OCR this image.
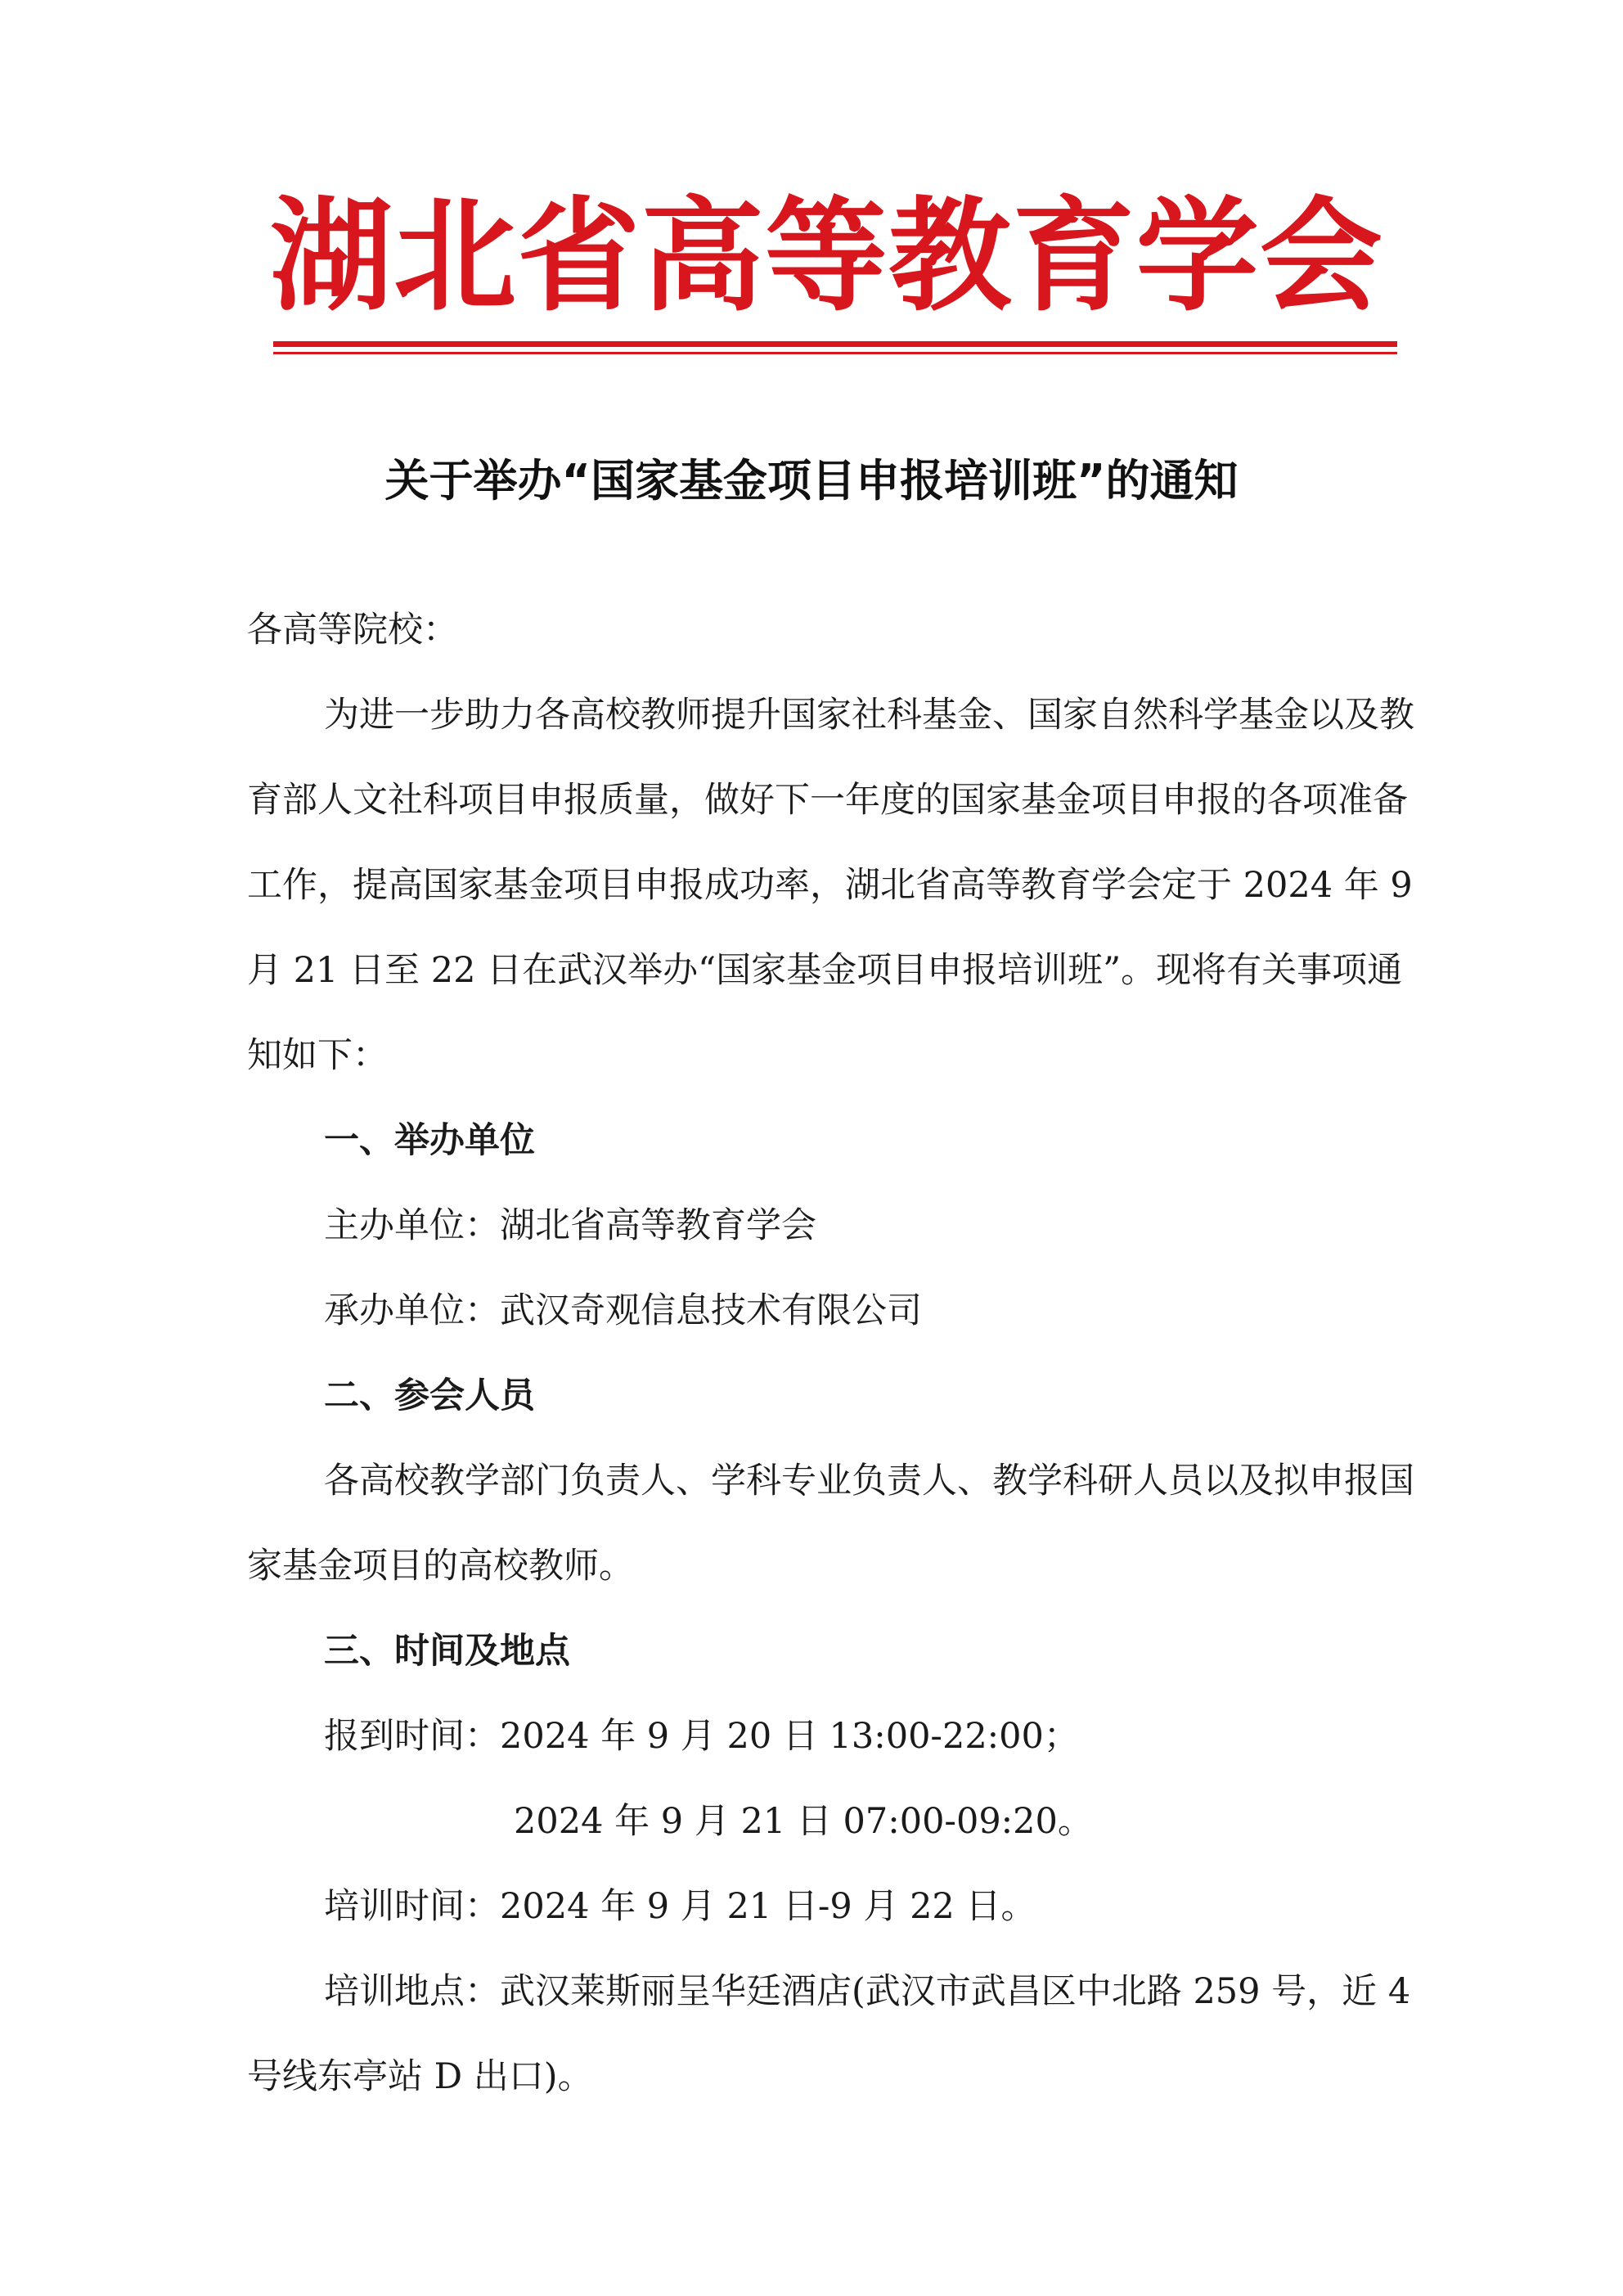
湖 北 省 高 等 教 育 学 会
关于举办“国家基金项目申报培训班”的通知

各高等院校：

为进一步助力各高校教师提升国家社科基金、国家自然科学基金以及教育部人文社科项目申报质量，做好下一年度的国家基金项目申报的各项准备工作，提高国家基金项目申报成功率，湖北省高等教育学会定于 2024 年 9 月 21 日至 22 日在武汉举办“国家基金项目申报培训班”。现将有关事项通知如下：

一、举办单位

主办单位：湖北省高等教育学会

承办单位：武汉奇观信息技术有限公司

二、参会人员

各高校教学部门负责人、学科专业负责人、教学科研人员以及拟申报国家基金项目的高校教师。

三、时间及地点

报到时间：2024 年 9 月 20 日 13:00-22:00；

2024 年 9 月 21 日 07:00-09:20。

培训时间：2024 年 9 月 21 日-9 月 22 日。

培训地点：武汉莱斯丽呈华廷酒店(武汉市武昌区中北路 259 号，近 4 号线东亭站 D 出口)。
